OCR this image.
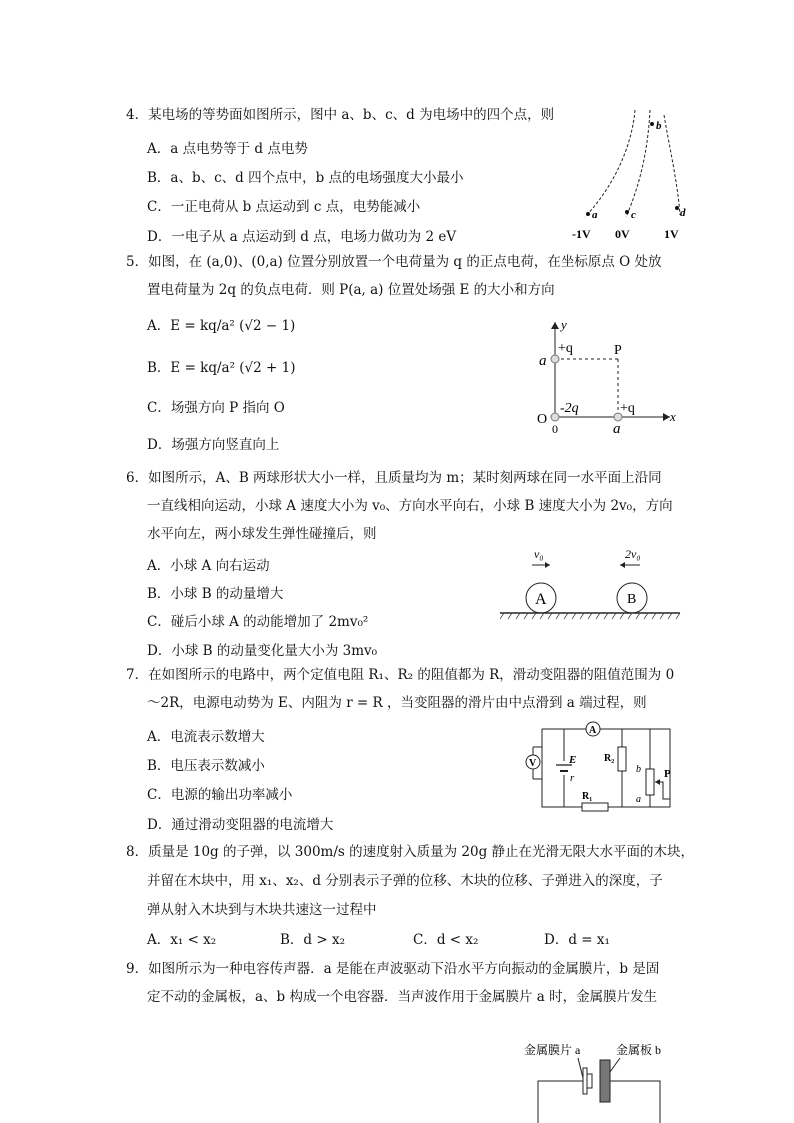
4．某电场的等势面如图所示，图中 a、b、c、d 为电场中的四个点，则
A．a 点电势等于 d 点电势
B．a、b、c、d 四个点中，b 点的电场强度大小最小
C．一正电荷从 b 点运动到 c 点，电势能减小
D．一电子从 a 点运动到 d 点，电场力做功为 2 eV
b
a	c	d
-1V 0V	1V
5．如图，在 (a,0)、(0,a) 位置分别放置一个电荷量为 q 的正点电荷，在坐标原点 O 处放
置电荷量为 2q 的负点电荷．则 P(a, a) 位置处场强 E 的大小和方向
A．E = kq/a² (√2 − 1)
B．E = kq/a² (√2 + 1)
C．场强方向 P 指向 O
D．场强方向竖直向上
y
x
a
+q	P
O
-2q	+q
0	a
6．如图所示，A、B 两球形状大小一样，且质量均为 m；某时刻两球在同一水平面上沿同
一直线相向运动，小球 A 速度大小为 v₀、方向水平向右，小球 B 速度大小为 2v₀，方向
水平向左，两小球发生弹性碰撞后，则
A．小球 A 向右运动
B．小球 B 的动量增大
C．碰后小球 A 的动能增加了 2mv₀²
D．小球 B 的动量变化量大小为 3mv₀
v₀	2v₀
A	B
7．在如图所示的电路中，两个定值电阻 R₁、R₂ 的阻值都为 R，滑动变阻器的阻值范围为 0
～2R，电源电动势为 E、内阻为 r = R ，当变阻器的滑片由中点滑到 a 端过程，则
A．电流表示数增大
B．电压表示数减小
C．电源的输出功率减小
D．通过滑动变阻器的电流增大
A
V	E
r
R₁
R₂
b
a
P
8．质量是 10g 的子弹，以 300m/s 的速度射入质量为 20g 静止在光滑无限大水平面的木块，
并留在木块中，用 x₁、x₂、d 分别表示子弹的位移、木块的位移、子弹进入的深度，子
弹从射入木块到与木块共速这一过程中
A．x₁ < x₂	B．d > x₂	C．d < x₂	D．d = x₁
9．如图所示为一种电容传声器．a 是能在声波驱动下沿水平方向振动的金属膜片，b 是固
定不动的金属板，a、b 构成一个电容器．当声波作用于金属膜片 a 时，金属膜片发生
金属膜片 a	金属板 b
